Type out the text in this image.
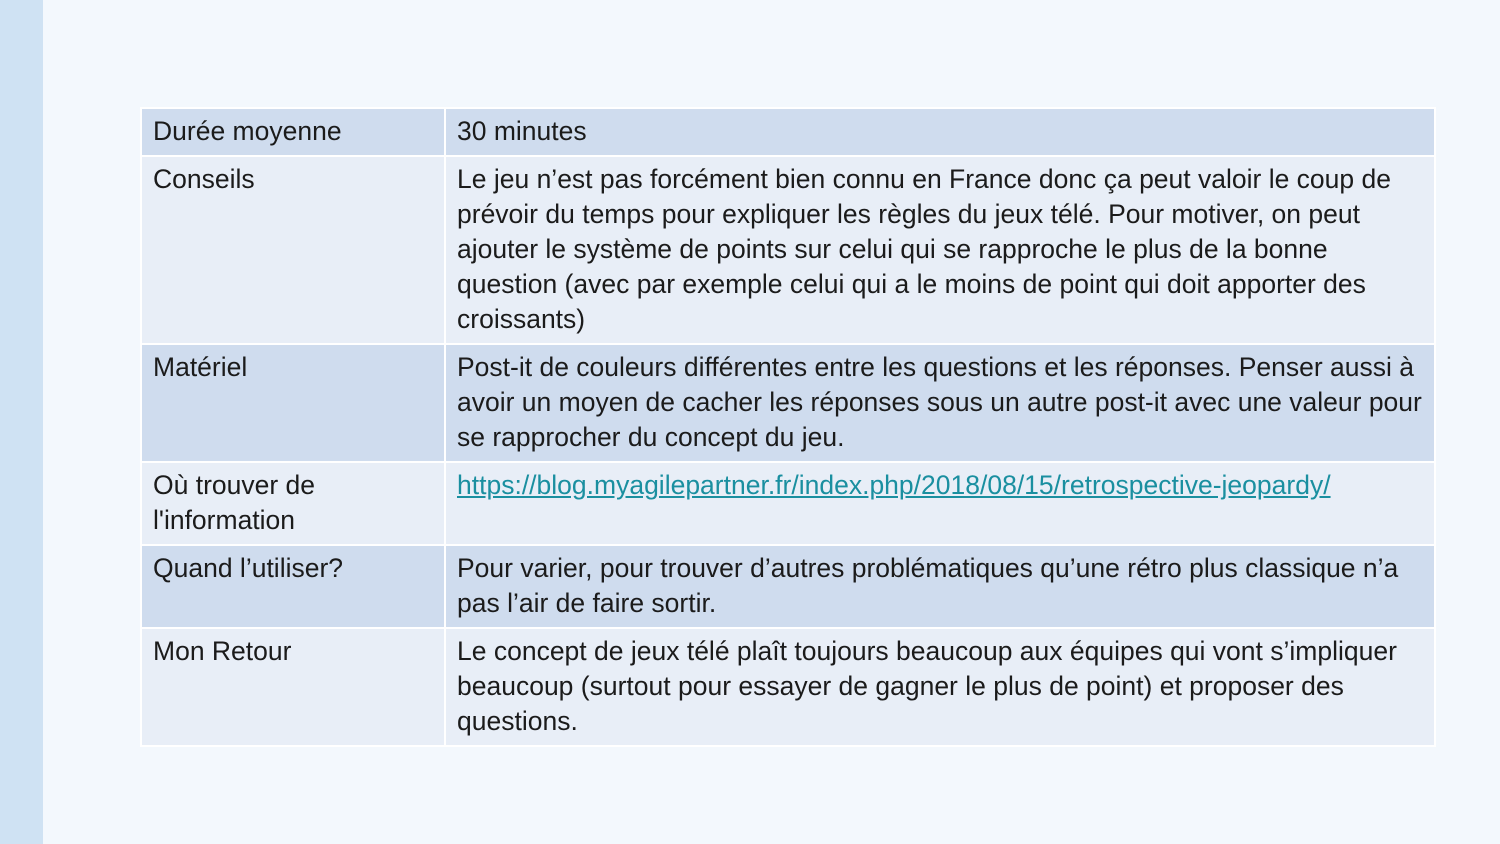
Durée moyenne	30 minutes
Conseils	Le jeu n’est pas forcément bien connu en France donc ça peut valoir le coup de prévoir du temps pour expliquer les règles du jeux télé. Pour motiver, on peut ajouter le système de points sur celui qui se rapproche le plus de la bonne question (avec par exemple celui qui a le moins de point qui doit apporter des croissants)
Matériel	Post-it de couleurs différentes entre les questions et les réponses. Penser aussi à avoir un moyen de cacher les réponses sous un autre post-it avec une valeur pour se rapprocher du concept du jeu.
Où trouver de l'information	https://blog.myagilepartner.fr/index.php/2018/08/15/retrospective-jeopardy/
Quand l’utiliser?	Pour varier, pour trouver d’autres problématiques qu’une rétro plus classique n’a pas l’air de faire sortir.
Mon Retour	Le concept de jeux télé plaît toujours beaucoup aux équipes qui vont s’impliquer beaucoup (surtout pour essayer de gagner le plus de point) et proposer des questions.
